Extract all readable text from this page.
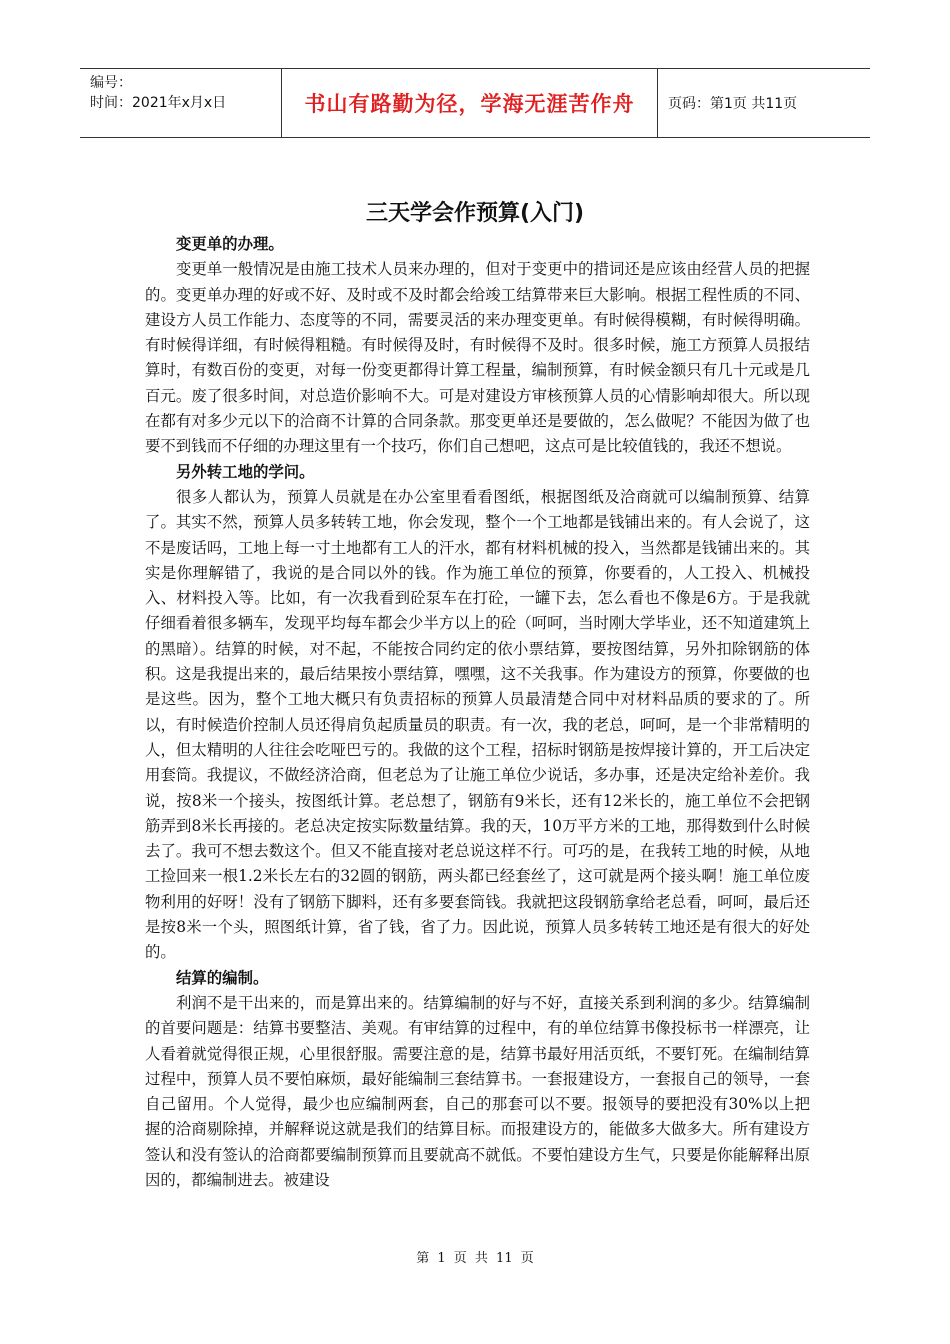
编号：
时间：2021年x月x日	书山有路勤为径，学海无涯苦作舟	页码：第1页 共11页
三天学会作预算(入门)
变更单的办理。

变更单一般情况是由施工技术人员来办理的，但对于变更中的措词还是应该由经营人员的把握的。变更单办理的好或不好、及时或不及时都会给竣工结算带来巨大影响。根据工程性质的不同、建设方人员工作能力、态度等的不同，需要灵活的来办理变更单。有时候得模糊，有时候得明确。有时候得详细，有时候得粗糙。有时候得及时，有时候得不及时。很多时候，施工方预算人员报结算时，有数百份的变更，对每一份变更都得计算工程量，编制预算，有时候金额只有几十元或是几百元。废了很多时间，对总造价影响不大。可是对建设方审核预算人员的心情影响却很大。所以现在都有对多少元以下的洽商不计算的合同条款。那变更单还是要做的，怎么做呢？不能因为做了也要不到钱而不仔细的办理这里有一个技巧，你们自己想吧，这点可是比较值钱的，我还不想说。

另外转工地的学问。

很多人都认为，预算人员就是在办公室里看看图纸，根据图纸及洽商就可以编制预算、结算了。其实不然，预算人员多转转工地，你会发现，整个一个工地都是钱铺出来的。有人会说了，这不是废话吗，工地上每一寸土地都有工人的汗水，都有材料机械的投入，当然都是钱铺出来的。其实是你理解错了，我说的是合同以外的钱。作为施工单位的预算，你要看的，人工投入、机械投入、材料投入等。比如，有一次我看到砼泵车在打砼，一罐下去，怎么看也不像是6方。于是我就仔细看着很多辆车，发现平均每车都会少半方以上的砼（呵呵，当时刚大学毕业，还不知道建筑上的黑暗）。结算的时候，对不起，不能按合同约定的依小票结算，要按图结算，另外扣除钢筋的体积。这是我提出来的，最后结果按小票结算，嘿嘿，这不关我事。作为建设方的预算，你要做的也是这些。因为，整个工地大概只有负责招标的预算人员最清楚合同中对材料品质的要求的了。所以，有时候造价控制人员还得肩负起质量员的职责。有一次，我的老总，呵呵，是一个非常精明的人，但太精明的人往往会吃哑巴亏的。我做的这个工程，招标时钢筋是按焊接计算的，开工后决定用套筒。我提议，不做经济洽商，但老总为了让施工单位少说话，多办事，还是决定给补差价。我说，按8米一个接头，按图纸计算。老总想了，钢筋有9米长，还有12米长的，施工单位不会把钢筋弄到8米长再接的。老总决定按实际数量结算。我的天，10万平方米的工地，那得数到什么时候去了。我可不想去数这个。但又不能直接对老总说这样不行。可巧的是，在我转工地的时候，从地工捡回来一根1.2米长左右的32圆的钢筋，两头都已经套丝了，这可就是两个接头啊！施工单位废物利用的好呀！没有了钢筋下脚料，还有多要套筒钱。我就把这段钢筋拿给老总看，呵呵，最后还是按8米一个头，照图纸计算，省了钱，省了力。因此说，预算人员多转转工地还是有很大的好处的。

结算的编制。

利润不是干出来的，而是算出来的。结算编制的好与不好，直接关系到利润的多少。结算编制的首要问题是：结算书要整洁、美观。有审结算的过程中，有的单位结算书像投标书一样漂亮，让人看着就觉得很正规，心里很舒服。需要注意的是，结算书最好用活页纸，不要钉死。在编制结算过程中，预算人员不要怕麻烦，最好能编制三套结算书。一套报建设方，一套报自己的领导，一套自己留用。个人觉得，最少也应编制两套，自己的那套可以不要。报领导的要把没有30%以上把握的洽商剔除掉，并解释说这就是我们的结算目标。而报建设方的，能做多大做多大。所有建设方签认和没有签认的洽商都要编制预算而且要就高不就低。不要怕建设方生气，只要是你能解释出原因的，都编制进去。被建设

第 1 页 共 11 页
